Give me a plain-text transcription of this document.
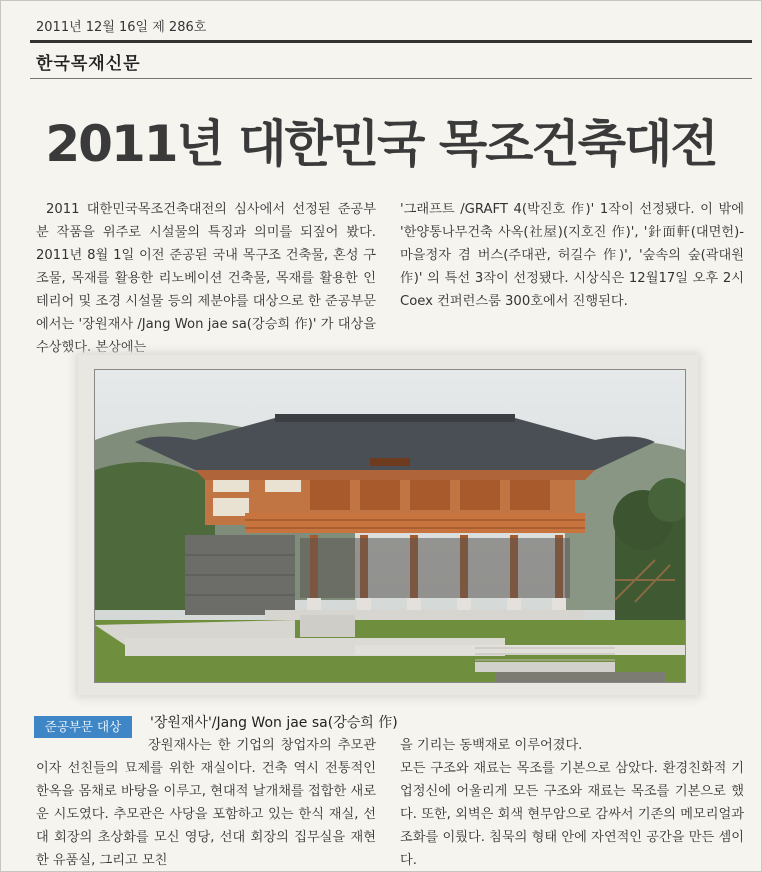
2011년 12월 16일 제 286호
한국목재신문
2011년 대한민국 목조건축대전

2011 대한민국목조건축대전의 심사에서 선정된 준공부분 작품을 위주로 시설물의 특징과 의미를 되짚어 봤다. 2011년 8월 1일 이전 준공된 국내 목구조 건축물, 혼성 구조물, 목재를 활용한 리노베이션 건축물, 목재를 활용한 인테리어 및 조경 시설물 등의 제분야를 대상으로 한 준공부문에서는 '장원재사 /Jang Won jae sa(강승희 作)' 가 대상을 수상했다. 본상에는

'그래프트 /GRAFT 4(박진호 作)' 1작이 선정됐다. 이 밖에 '한양통나무건축 사옥(社屋)(지호진 作)', '針面軒(대면헌)-마을정자 겸 버스(주대관, 허길수 作)', '숲속의 숲(곽대원 作)' 의 특선 3작이 선정됐다. 시상식은 12월17일 오후 2시 Coex 컨퍼런스룸 300호에서 진행된다.

준공부문 대상	'장원재사'/Jang Won jae sa(강승희 作)

장원재사는 한 기업의 창업자의 추모관이자 선친들의 묘제를 위한 재실이다. 건축 역시 전통적인 한옥을 몸채로 바탕을 이루고, 현대적 날개채를 접합한 새로운 시도였다. 추모관은 사당을 포함하고 있는 한식 재실, 선대 회장의 초상화를 모신 영당, 선대 회장의 집무실을 재현한 유품실, 그리고 모친

을 기리는 동백재로 이루어졌다.

모든 구조와 재료는 목조를 기본으로 삼았다. 환경친화적 기업정신에 어울리게 모든 구조와 재료는 목조를 기본으로 했다. 또한, 외벽은 회색 현무암으로 감싸서 기존의 메모리얼과 조화를 이뤘다. 침묵의 형태 안에 자연적인 공간을 만든 셈이다.
